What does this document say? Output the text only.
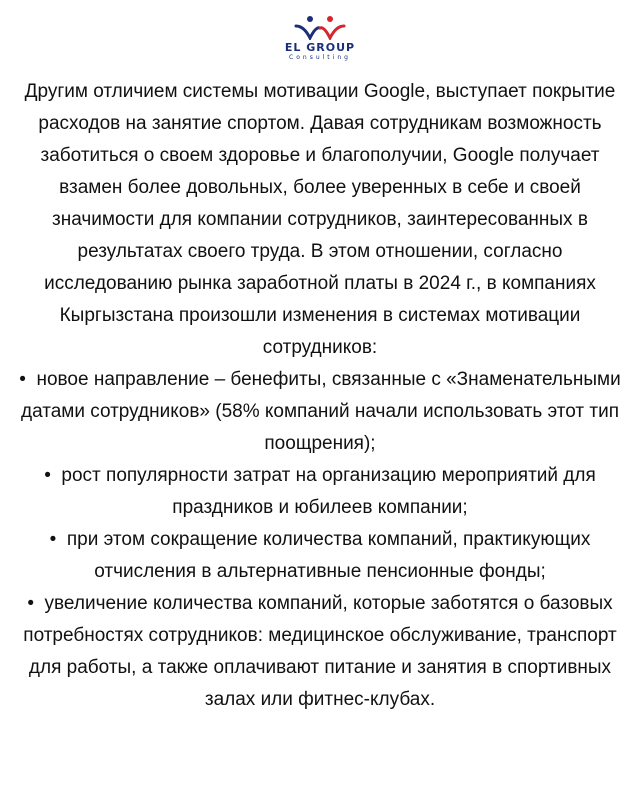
EL GROUP
Consulting

Другим отличием системы мотивации Google, выступает покрытие расходов на занятие спортом. Давая сотрудникам возможность заботиться о своем здоровье и благополучии, Google получает взамен более довольных, более уверенных в себе и своей значимости для компании сотрудников, заинтересованных в результатах своего труда. В этом отношении, согласно исследованию рынка заработной платы в 2024 г., в компаниях Кыргызстана произошли изменения в системах мотивации сотрудников:

•  новое направление – бенефиты, связанные с «Знаменательными датами сотрудников» (58% компаний начали использовать этот тип поощрения);

•  рост популярности затрат на организацию мероприятий для праздников и юбилеев компании;

•  при этом сокращение количества компаний, практикующих отчисления в альтернативные пенсионные фонды;

•  увеличение количества компаний, которые заботятся о базовых потребностях сотрудников: медицинское обслуживание, транспорт для работы, а также оплачивают питание и занятия в спортивных залах или фитнес-клубах.
